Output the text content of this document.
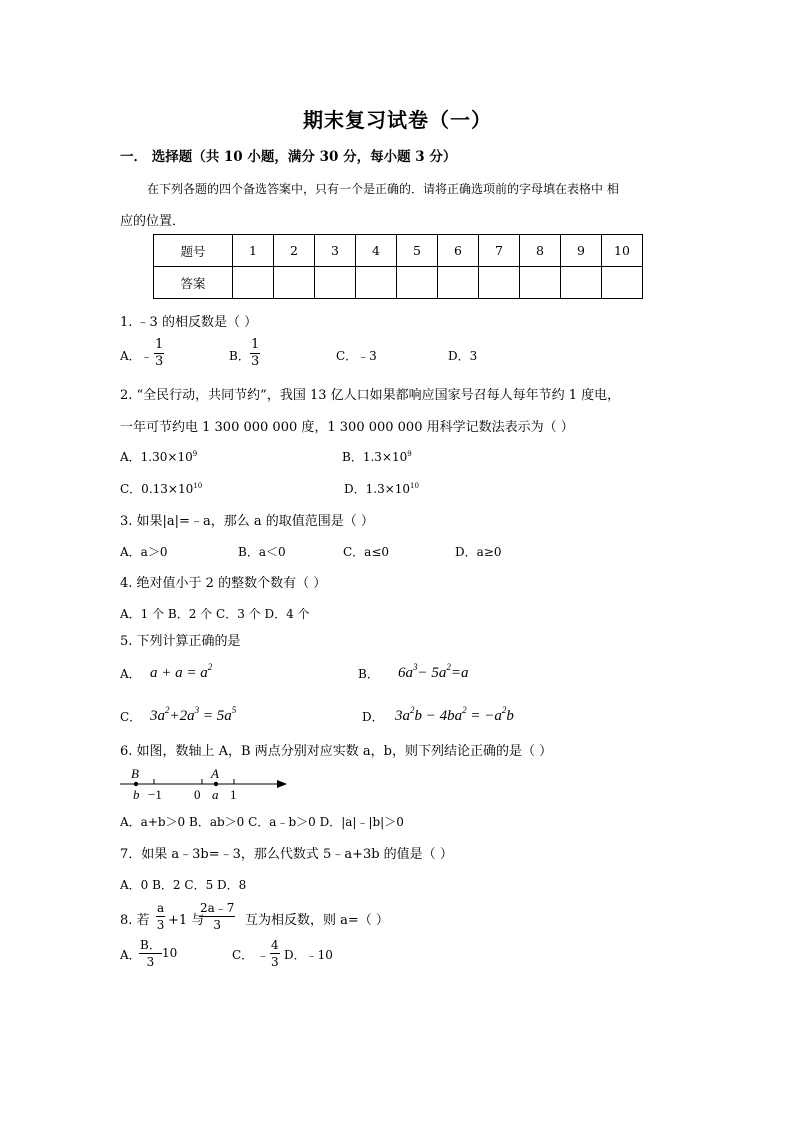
期末复习试卷（一）
一． 选择题（共 10 小题，满分 30 分，每小题 3 分）
在下列各题的四个备选答案中，只有一个是正确的．请将正确选项前的字母填在表格中 相
应的位置．
题号	1	2	3	4	5	6	7	8	9	10
答案										
1. ﹣3 的相反数是（ ）
A．﹣ $\frac{1}{3}$	B． $\frac{1}{3}$	C．﹣3	D．3
2. “全民行动，共同节约”，我国 13 亿人口如果都响应国家号召每人每年节约 1 度电，
一年可节约电 1 300 000 000 度，1 300 000 000 用科学记数法表示为（ ）
A．$1.30\times 10^9$	B．$1.3\times 10^9$
C．$0.13\times 10^{10}$	D．$1.3\times 10^{10}$
3. 如果|a|=﹣a，那么 a 的取值范围是（ ）
A．a＞0	B．a＜0	C．a≤0	D．a≥0
4. 绝对值小于 2 的整数个数有（ ）
A．1 个 B．2 个 C．3 个 D．4 个
5. 下列计算正确的是
A． $a + a = a^2$	B． $6a^3- 5a^2=a$
C． $3a^2+2a^3 = 5a^5$	D． $3a^2b - 4ba^2 = -a^2b$
6. 如图，数轴上 A，B 两点分别对应实数 a，b，则下列结论正确的是（ ）
B	A
b −1 0 a 1
A．a+b＞0 B．ab＞0 C．a﹣b＞0 D．|a|﹣|b|＞0
7．如果 a﹣3b=﹣3，那么代数式 5﹣a+3b 的值是（ ）
A．0 B．2 C．5 D．8
8. 若 $\frac{a}{3} +1$ 与
$\frac{2a﹣7}{3}$ 互为相反数，则 a=（ ）
A．
$\frac{B.}{3} 10$	C． ﹣ $\frac{4}{3}$ D．﹣10
